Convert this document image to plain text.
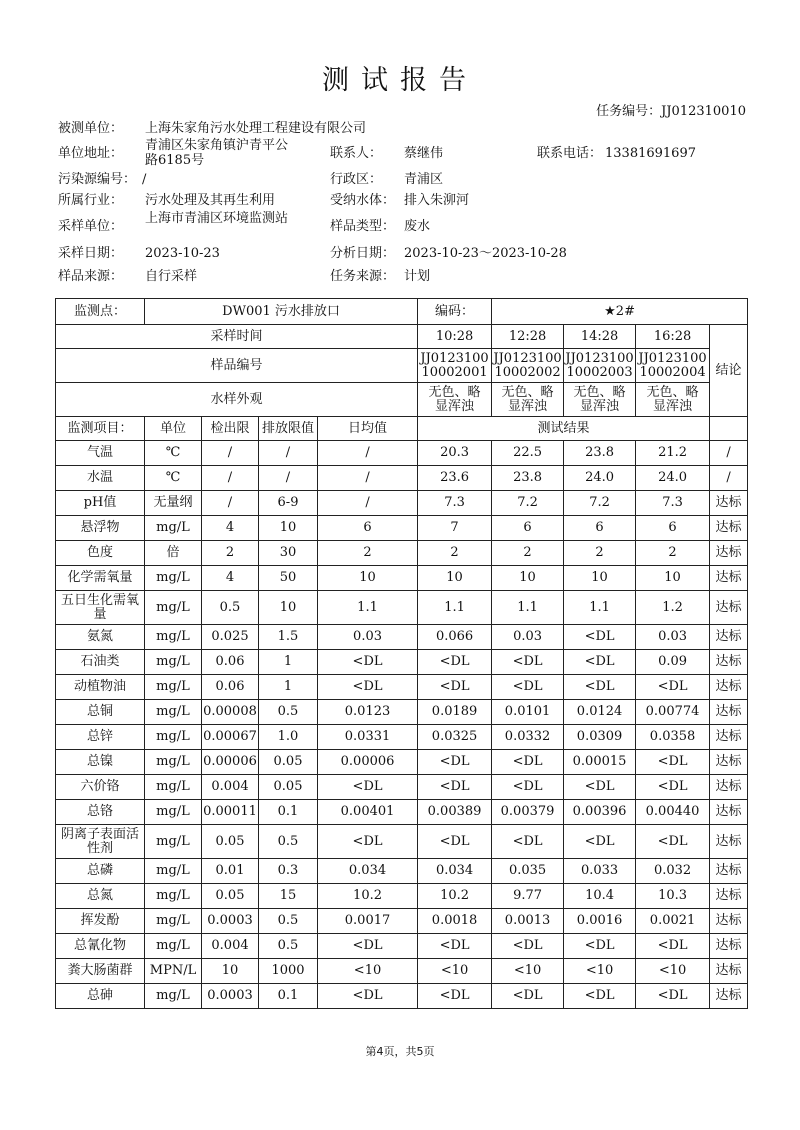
测试报告
任务编号：JJ012310010
被测单位： 上海朱家角污水处理工程建设有限公司
单位地址：
青浦区朱家角镇沪青平公路6185号	联系人： 蔡继伟	联系电话： 13381691697
污染源编号： /	行政区： 青浦区
所属行业： 污水处理及其再生利用	受纳水体： 排入朱泖河
采样单位：
上海市青浦区环境监测站
样品类型： 废水
采样日期： 2023-10-23	分析日期： 2023-10-23～2023-10-28
样品来源： 自行采样	任务来源： 计划
监测点：	DW001 污水排放口				编码：	★2#			
采样时间					10:28	12:28	14:28	16:28	结论
样品编号					JJ0123100
10002001	JJ0123100
10002002	JJ0123100
10002003	JJ0123100
10002004	
水样外观					无色、略
显浑浊	无色、略
显浑浊	无色、略
显浑浊	无色、略
显浑浊	
监测项目：	单位	检出限	排放限值	日均值	测试结果				
气温	℃	/	/	/	20.3	22.5	23.8	21.2	/
水温	℃	/	/	/	23.6	23.8	24.0	24.0	/
pH值	无量纲	/	6-9	/	7.3	7.2	7.2	7.3	达标
悬浮物	mg/L	4	10	6	7	6	6	6	达标
色度	倍	2	30	2	2	2	2	2	达标
化学需氧量	mg/L	4	50	10	10	10	10	10	达标
五日生化需氧量	mg/L	0.5	10	1.1	1.1	1.1	1.1	1.2	达标
氨氮	mg/L	0.025	1.5	0.03	0.066	0.03	<DL	0.03	达标
石油类	mg/L	0.06	1	<DL	<DL	<DL	<DL	0.09	达标
动植物油	mg/L	0.06	1	<DL	<DL	<DL	<DL	<DL	达标
总铜	mg/L	0.00008	0.5	0.0123	0.0189	0.0101	0.0124	0.00774	达标
总锌	mg/L	0.00067	1.0	0.0331	0.0325	0.0332	0.0309	0.0358	达标
总镍	mg/L	0.00006	0.05	0.00006	<DL	<DL	0.00015	<DL	达标
六价铬	mg/L	0.004	0.05	<DL	<DL	<DL	<DL	<DL	达标
总铬	mg/L	0.00011	0.1	0.00401	0.00389	0.00379	0.00396	0.00440	达标
阴离子表面活性剂	mg/L	0.05	0.5	<DL	<DL	<DL	<DL	<DL	达标
总磷	mg/L	0.01	0.3	0.034	0.034	0.035	0.033	0.032	达标
总氮	mg/L	0.05	15	10.2	10.2	9.77	10.4	10.3	达标
挥发酚	mg/L	0.0003	0.5	0.0017	0.0018	0.0013	0.0016	0.0021	达标
总氰化物	mg/L	0.004	0.5	<DL	<DL	<DL	<DL	<DL	达标
粪大肠菌群	MPN/L	10	1000	<10	<10	<10	<10	<10	达标
总砷	mg/L	0.0003	0.1	<DL	<DL	<DL	<DL	<DL	达标
第4页，共5页
